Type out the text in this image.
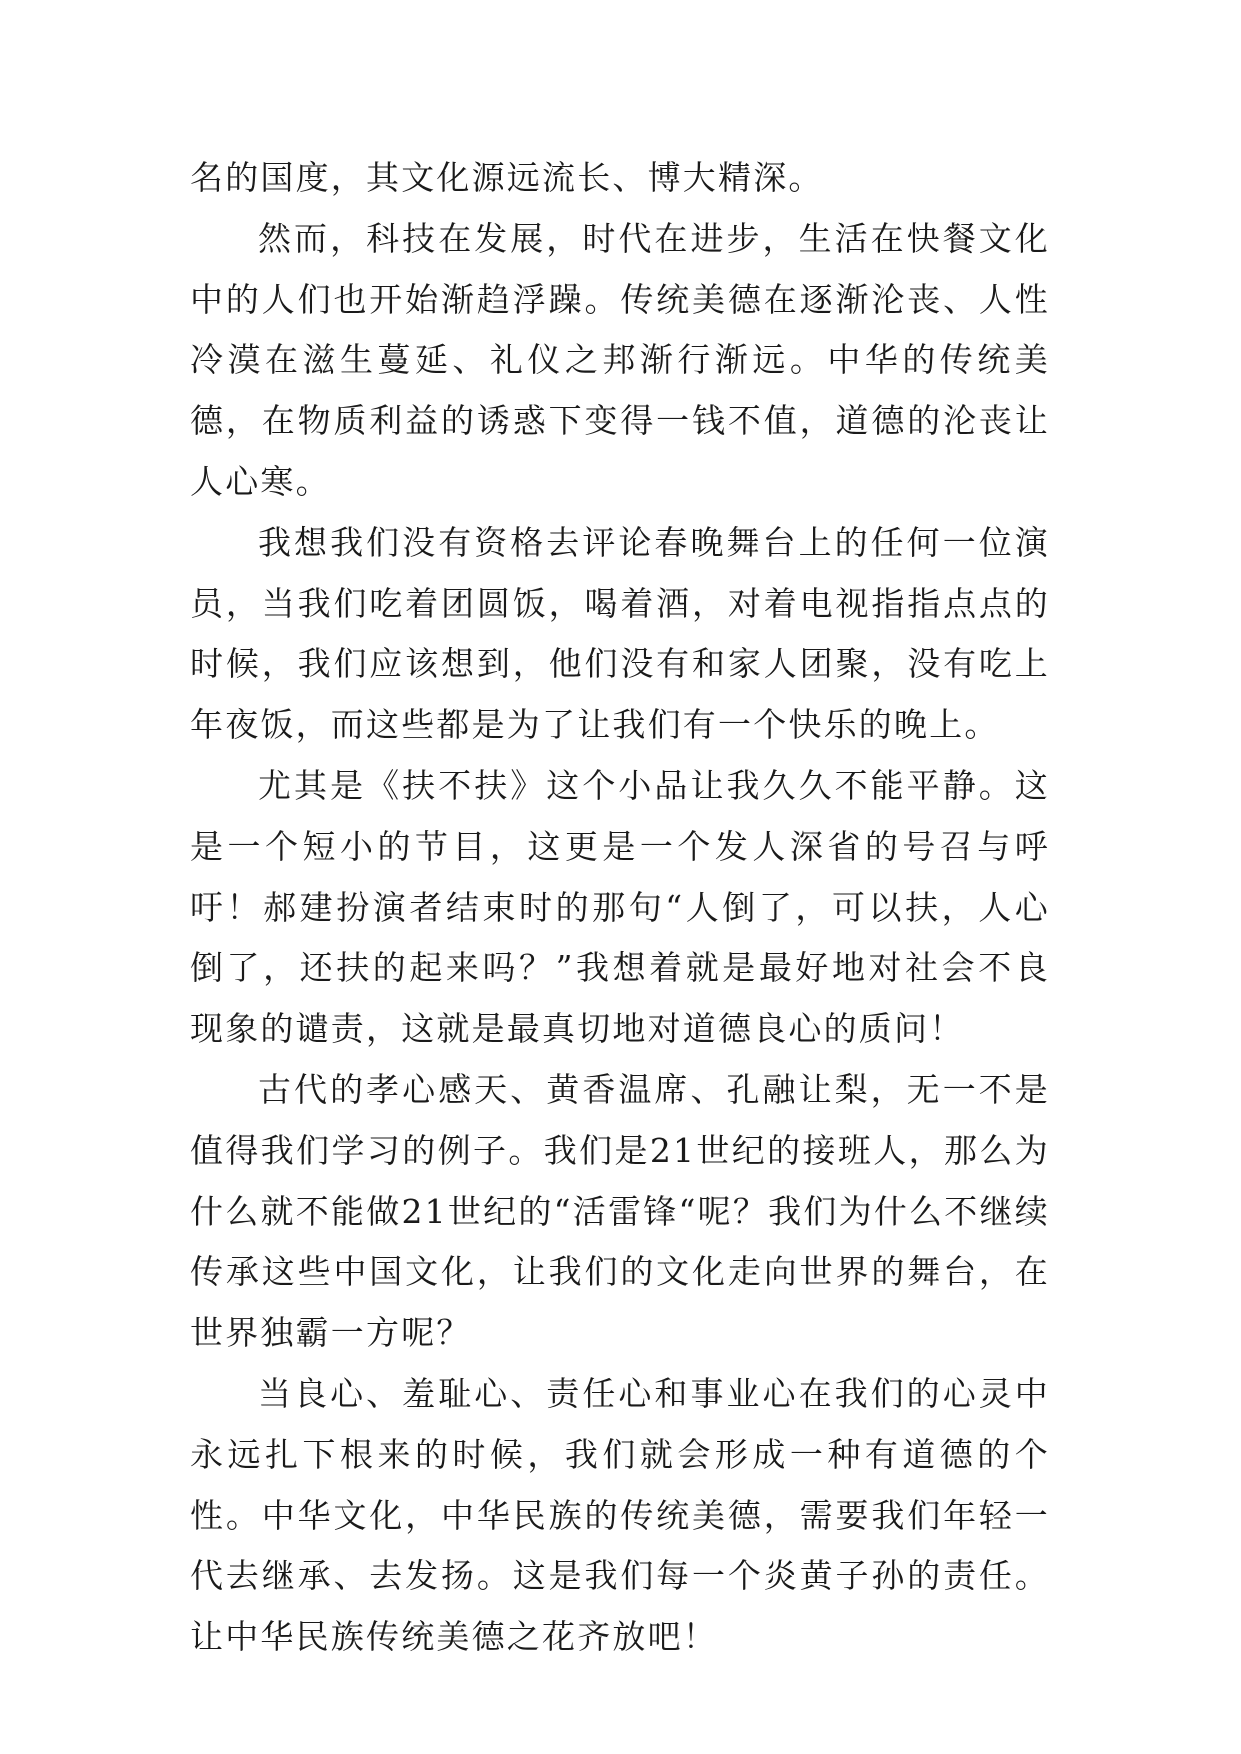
名的国度，其文化源远流长、博大精深。

然而，科技在发展，时代在进步，生活在快餐文化中的人们也开始渐趋浮躁。传统美德在逐渐沦丧、人性冷漠在滋生蔓延、礼仪之邦渐行渐远。中华的传统美德，在物质利益的诱惑下变得一钱不值，道德的沦丧让人心寒。

我想我们没有资格去评论春晚舞台上的任何一位演员，当我们吃着团圆饭，喝着酒，对着电视指指点点的时候，我们应该想到，他们没有和家人团聚，没有吃上年夜饭，而这些都是为了让我们有一个快乐的晚上。

尤其是《扶不扶》这个小品让我久久不能平静。这是一个短小的节目，这更是一个发人深省的号召与呼吁！郝建扮演者结束时的那句“人倒了，可以扶，人心倒了，还扶的起来吗？”我想着就是最好地对社会不良现象的谴责，这就是最真切地对道德良心的质问！

古代的孝心感天、黄香温席、孔融让梨，无一不是值得我们学习的例子。我们是21世纪的接班人，那么为什么就不能做21世纪的“活雷锋“呢？我们为什么不继续传承这些中国文化，让我们的文化走向世界的舞台，在世界独霸一方呢？

当良心、羞耻心、责任心和事业心在我们的心灵中永远扎下根来的时候，我们就会形成一种有道德的个性。中华文化，中华民族的传统美德，需要我们年轻一代去继承、去发扬。这是我们每一个炎黄子孙的责任。让中华民族传统美德之花齐放吧！
